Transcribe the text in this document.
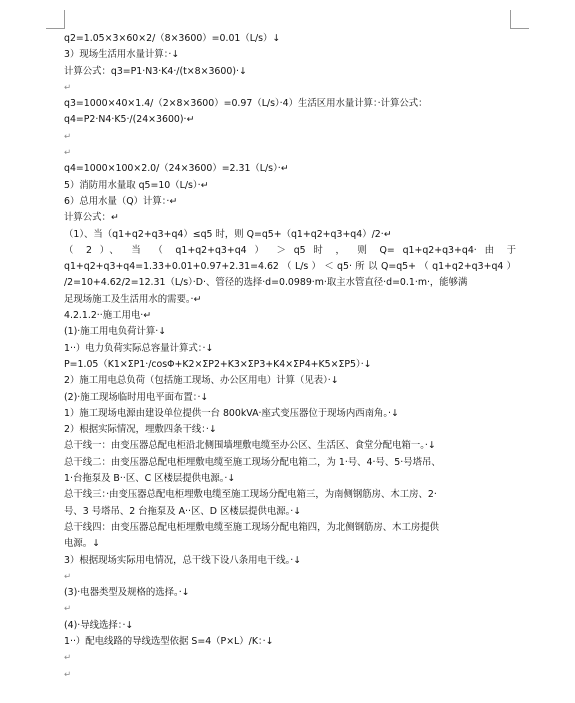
q2=1.05×3×60×2/（8×3600）=0.01（L/s）↓
3）现场生活用水量计算：·↓
计算公式：q3=P1·N3·K4·/(t×8×3600)·↓
↵
q3=1000×40×1.4/（2×8×3600）=0.97（L/s）·4）生活区用水量计算：·计算公式：
q4=P2·N4·K5·/(24×3600)·↵
↵
↵
q4=1000×100×2.0/（24×3600）=2.31（L/s）·↵
5）消防用水量取 q5=10（L/s）·↵
6）总用水量（Q）计算：·↵
计算公式：↵
（1）、当（q1+q2+q3+q4）≤q5 时，则 Q=q5+（q1+q2+q3+q4）/2·↵
（ 2 ）、 当 （ q1+q2+q3+q4 ） ＞ q5 时 ， 则 Q= q1+q2+q3+q4· 由 于
q1+q2+q3+q4=1.33+0.01+0.97+2.31=4.62 （ L/s ） ＜ q5· 所 以 Q=q5+ （ q1+q2+q3+q4 ）
/2=10+4.62/2=12.31（L/s）·D·、管径的选择·d=0.0989·m·取主水管直径·d=0.1·m·，能够满
足现场施工及生活用水的需要。·↵
4.2.1.2··施工用电·↵
(1)·施工用电负荷计算·↓
1··）电力负荷实际总容量计算式：·↓
P=1.05（K1×ΣP1·/cosΦ+K2×ΣP2+K3×ΣP3+K4×ΣP4+K5×ΣP5）·↓
2）施工用电总负荷（包括施工现场、办公区用电）计算（见表）·↓
(2)·施工现场临时用电平面布置：·↓
1）施工现场电源由建设单位提供一台 800kVA·座式变压器位于现场内西南角。·↓
2）根据实际情况，埋敷四条干线：·↓
总干线一：由变压器总配电柜沿北侧围墙埋敷电缆至办公区、生活区、食堂分配电箱一。·↓
总干线二：由变压器总配电柜埋敷电缆至施工现场分配电箱二，为 1·号、4·号、5·号塔吊、
1·台拖泵及 B··区、C 区楼层提供电源。·↓
总干线三：·由变压器总配电柜埋敷电缆至施工现场分配电箱三，为南侧钢筋房、木工房、2·
号、3 号塔吊、2 台拖泵及 A··区、D 区楼层提供电源。·↓
总干线四：由变压器总配电柜埋敷电缆至施工现场分配电箱四，为北侧钢筋房、木工房提供
电源。↓
3）根据现场实际用电情况，总干线下设八条用电干线。·↓
↵
(3)·电器类型及规格的选择。·↓
↵
(4)·导线选择：·↓
1··）配电线路的导线选型依据 S=4（P×L）/K：·↓
↵
↵
